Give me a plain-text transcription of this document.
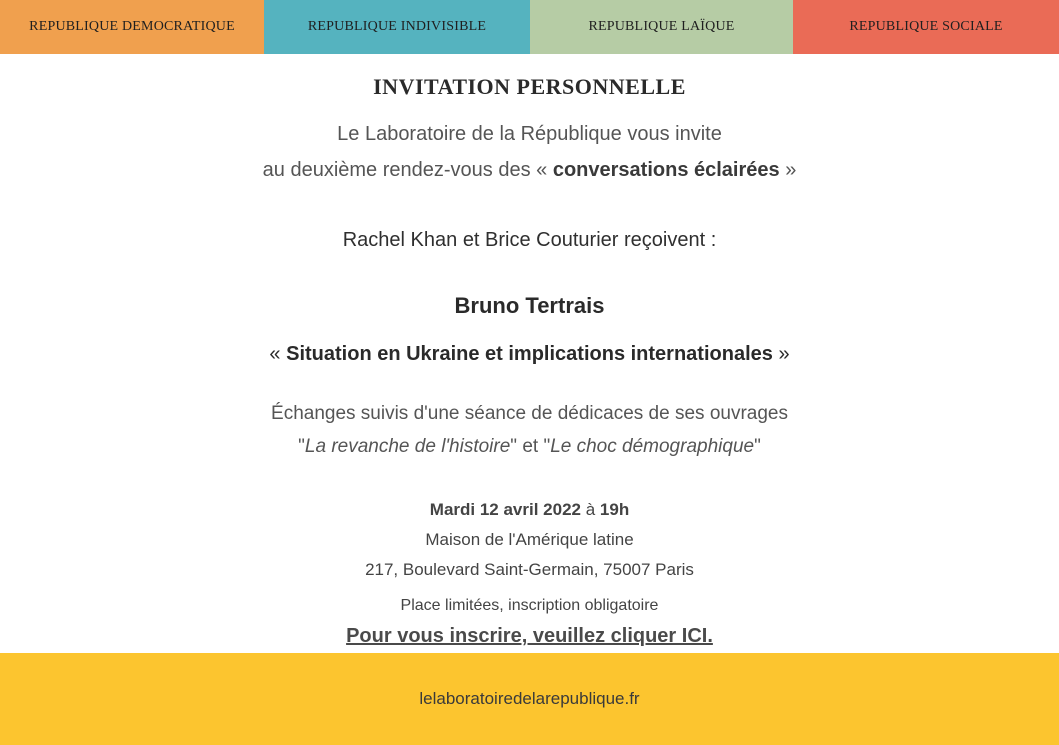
REPUBLIQUE DEMOCRATIQUE	REPUBLIQUE INDIVISIBLE	REPUBLIQUE LAÏQUE	REPUBLIQUE SOCIALE
INVITATION PERSONNELLE
Le Laboratoire de la République vous invite
au deuxième rendez-vous des « conversations éclairées »
Rachel Khan et Brice Couturier reçoivent :
Bruno Tertrais
« Situation en Ukraine et implications internationales »
Échanges suivis d'une séance de dédicaces de ses ouvrages
"La revanche de l'histoire" et "Le choc démographique"
Mardi 12 avril 2022 à 19h
Maison de l'Amérique latine
217, Boulevard Saint-Germain, 75007 Paris
Place limitées, inscription obligatoire
Pour vous inscrire, veuillez cliquer ICI.
lelaboratoiredelarepublique.fr
